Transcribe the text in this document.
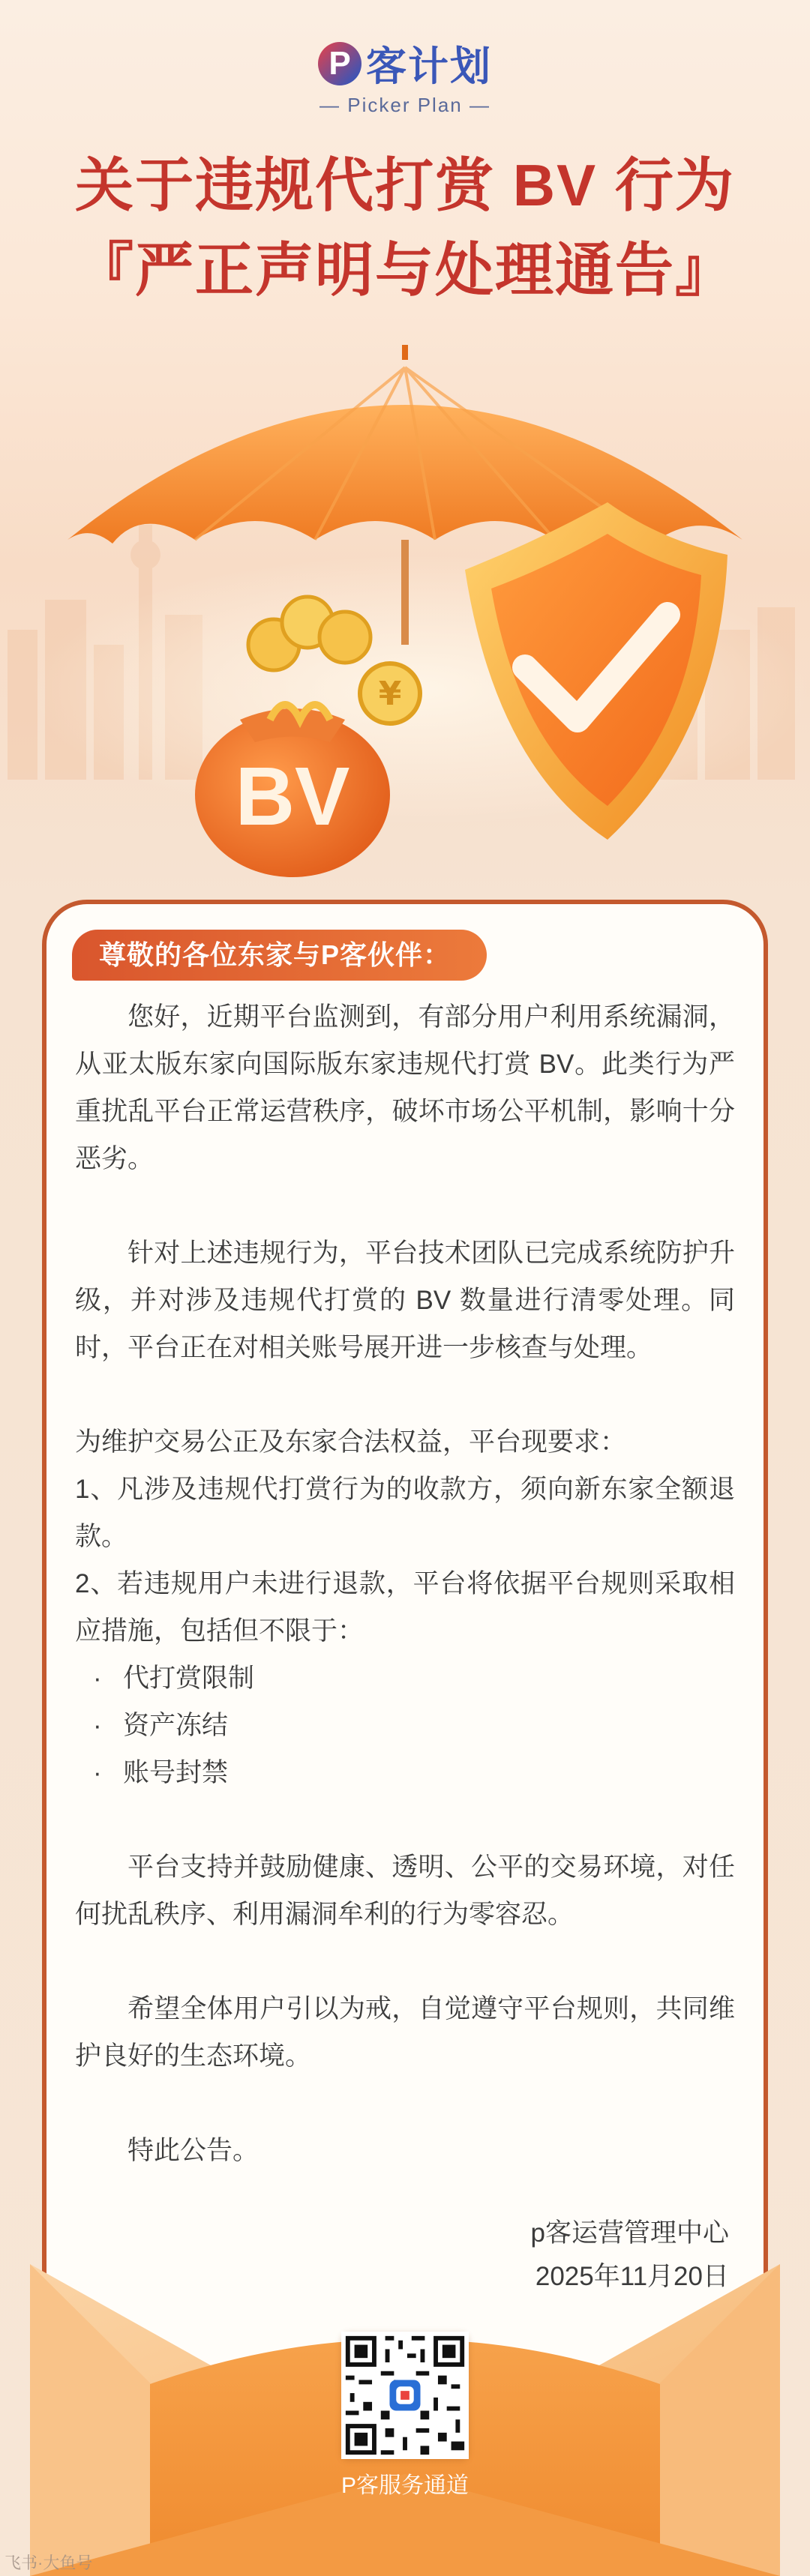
P 客计划
— Picker Plan —
关于违规代打赏 BV 行为
『严正声明与处理通告』
BV
¥
尊敬的各位东家与P客伙伴：

您好，近期平台监测到，有部分用户利用系统漏洞，从亚太版东家向国际版东家违规代打赏 BV。此类行为严重扰乱平台正常运营秩序，破坏市场公平机制，影响十分恶劣。

针对上述违规行为，平台技术团队已完成系统防护升级，并对涉及违规代打赏的 BV 数量进行清零处理。同时，平台正在对相关账号展开进一步核查与处理。

为维护交易公正及东家合法权益，平台现要求：

1、凡涉及违规代打赏行为的收款方，须向新东家全额退款。

2、若违规用户未进行退款，平台将依据平台规则采取相应措施，包括但不限于：

· 代打赏限制
· 资产冻结
· 账号封禁

平台支持并鼓励健康、透明、公平的交易环境，对任何扰乱秩序、利用漏洞牟利的行为零容忍。

希望全体用户引以为戒，自觉遵守平台规则，共同维护良好的生态环境。

特此公告。

p客运营管理中心
2025年11月20日
P客服务通道
飞书·大鱼号
